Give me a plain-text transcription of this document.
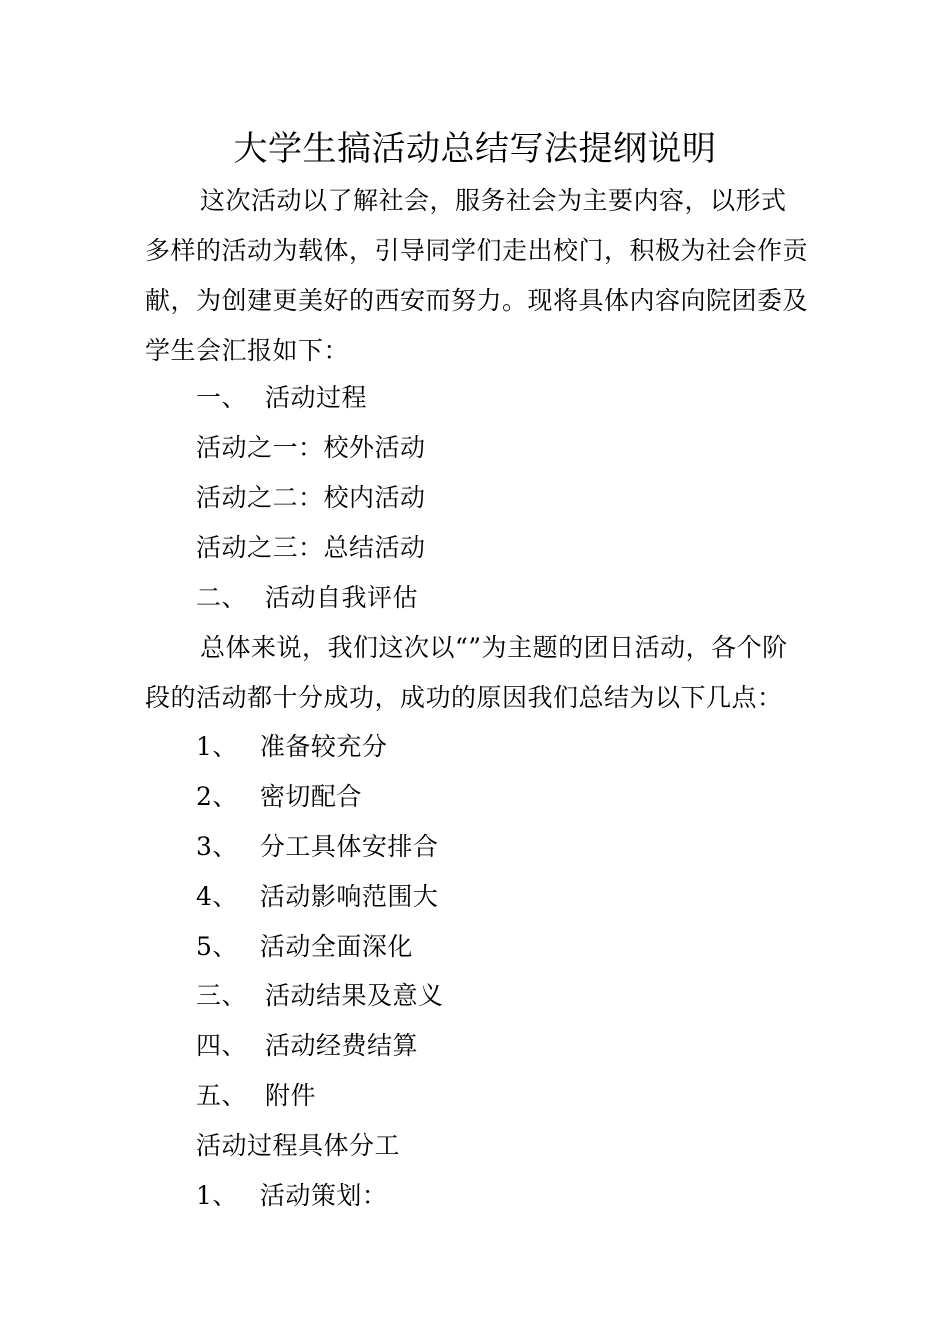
大学生搞活动总结写法提纲说明

这次活动以了解社会，服务社会为主要内容，以形式多样的活动为载体，引导同学们走出校门，积极为社会作贡献，为创建更美好的西安而努力。现将具体内容向院团委及学生会汇报如下：

一、 活动过程
活动之一：校外活动
活动之二：校内活动
活动之三：总结活动
二、 活动自我评估

总体来说，我们这次以“”为主题的团日活动，各个阶段的活动都十分成功，成功的原因我们总结为以下几点：

1、 准备较充分
2、 密切配合
3、 分工具体安排合
4、 活动影响范围大
5、 活动全面深化
三、 活动结果及意义
四、 活动经费结算
五、 附件
活动过程具体分工
1、 活动策划：
